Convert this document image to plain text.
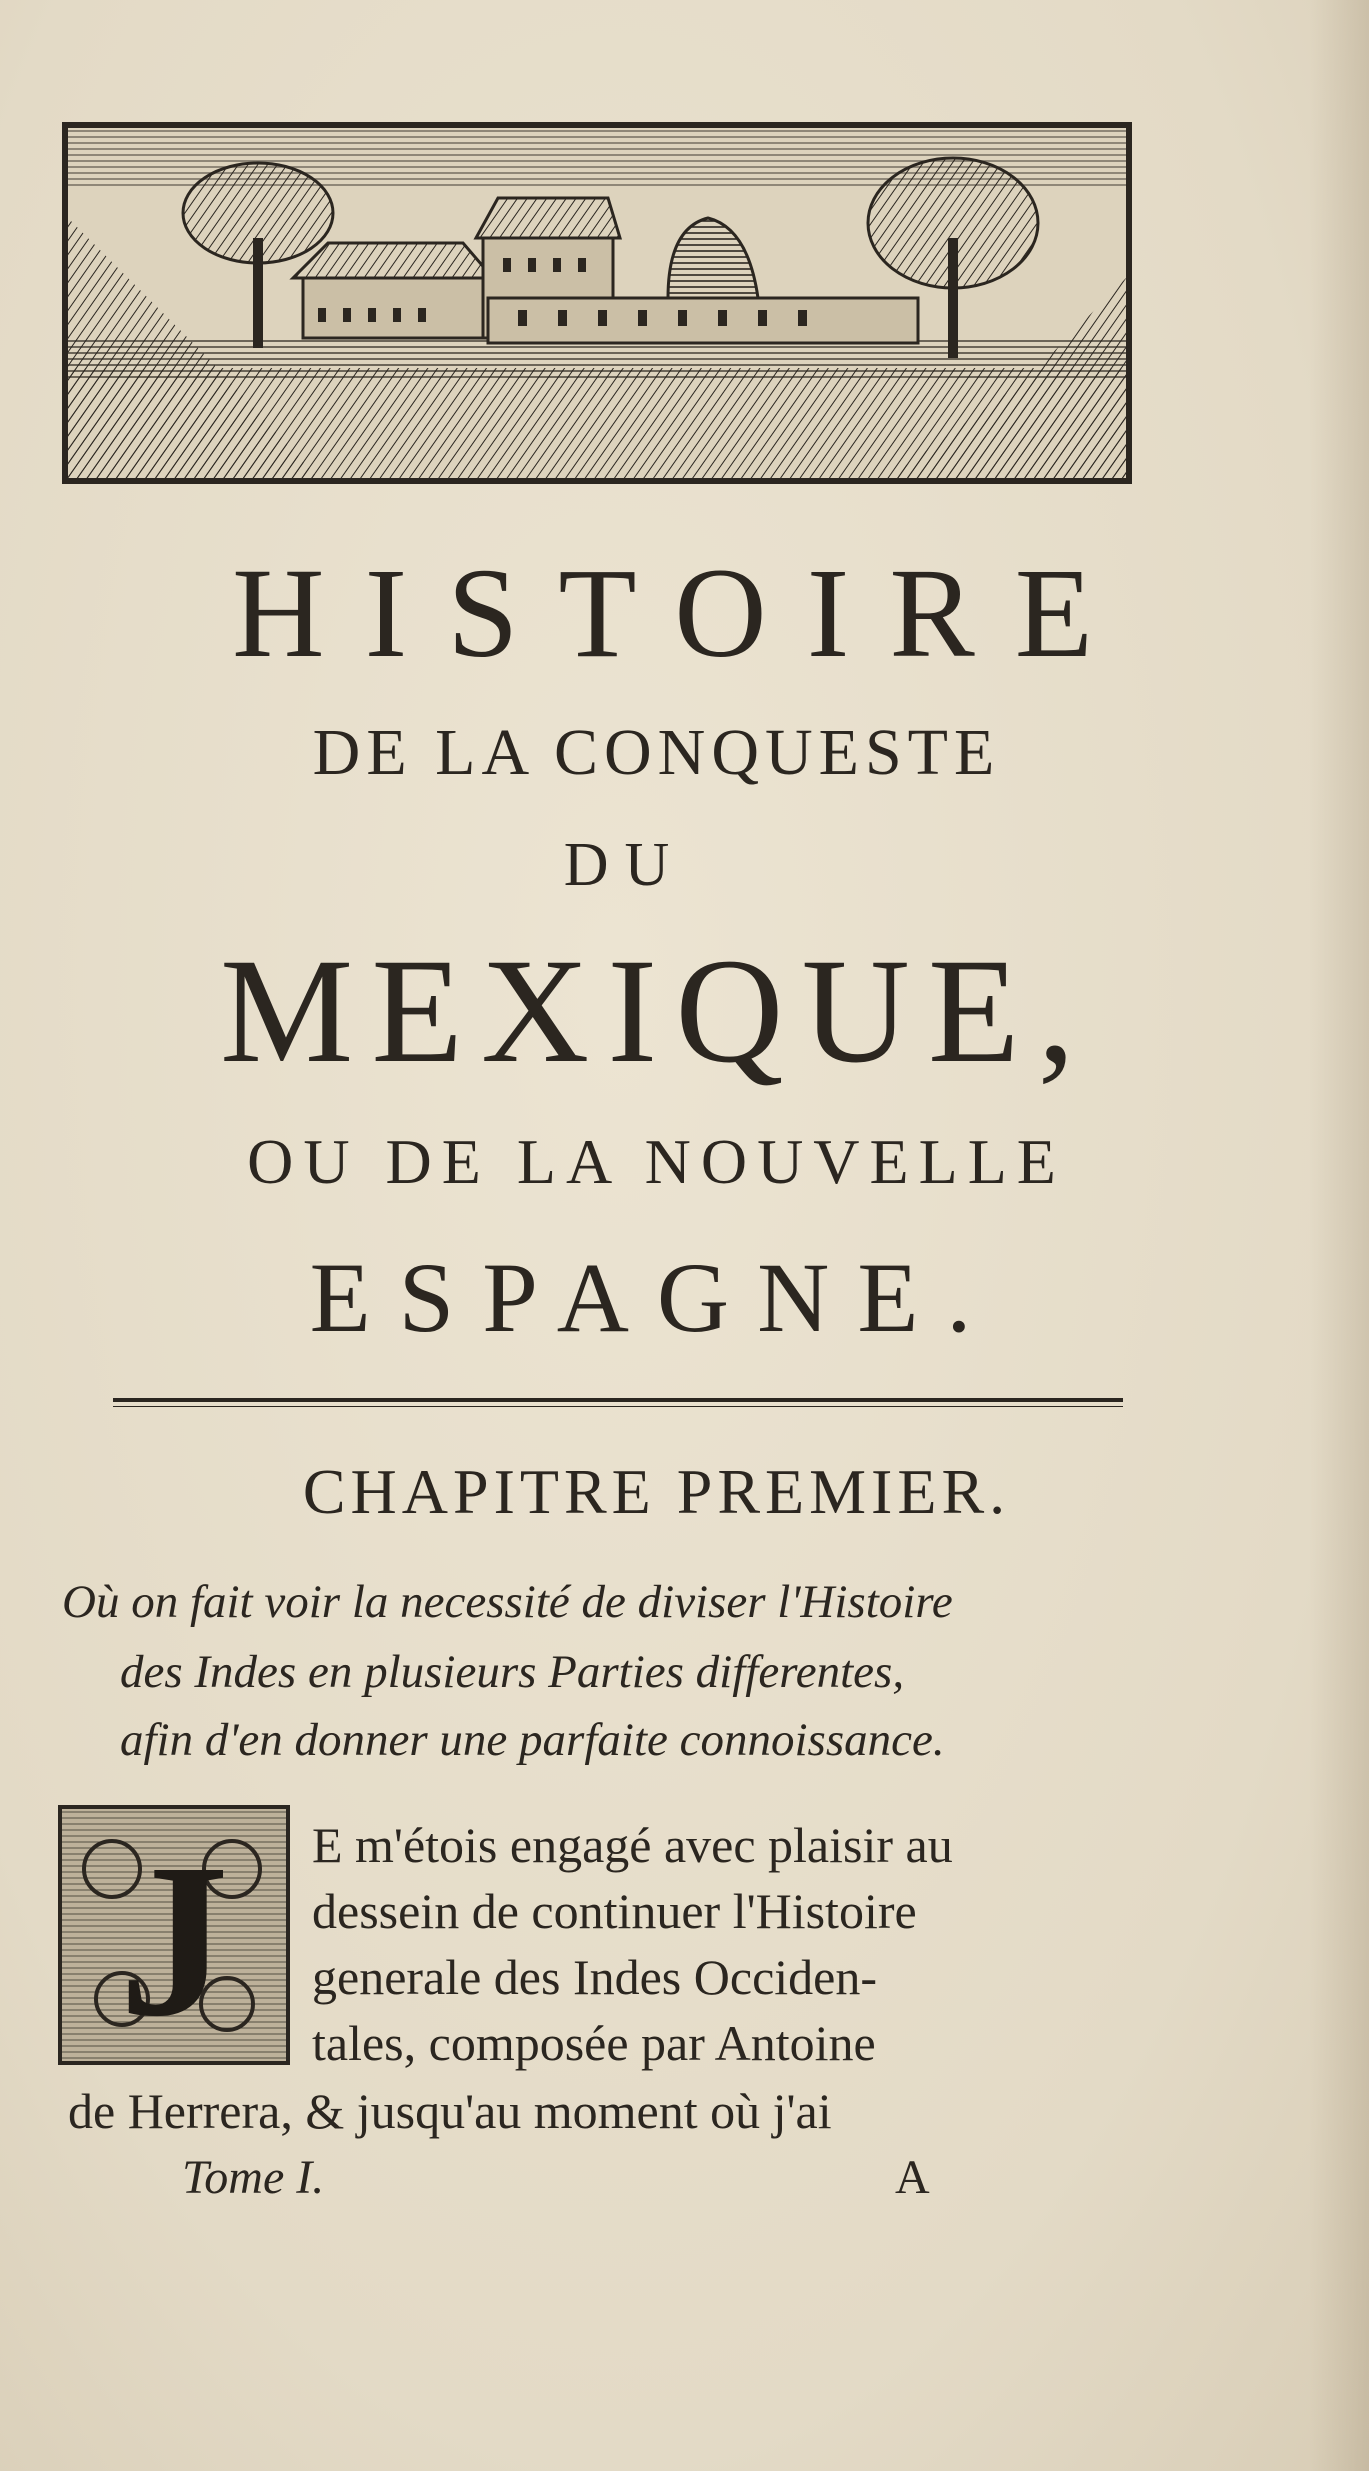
HISTOIRE
DE LA CONQUESTE
DU
MEXIQUE,
OU DE LA NOUVELLE
ESPAGNE.
CHAPITRE PREMIER.

Où on fait voir la necessité de diviser l'Histoire

des Indes en plusieurs Parties differentes,

afin d'en donner une parfaite connoissance.

J E m'étois engagé avec plaisir au

dessein de continuer l'Histoire

generale des Indes Occiden-

tales, composée par Antoine

de Herrera, & jusqu'au moment où j'ai

Tome I.	A
